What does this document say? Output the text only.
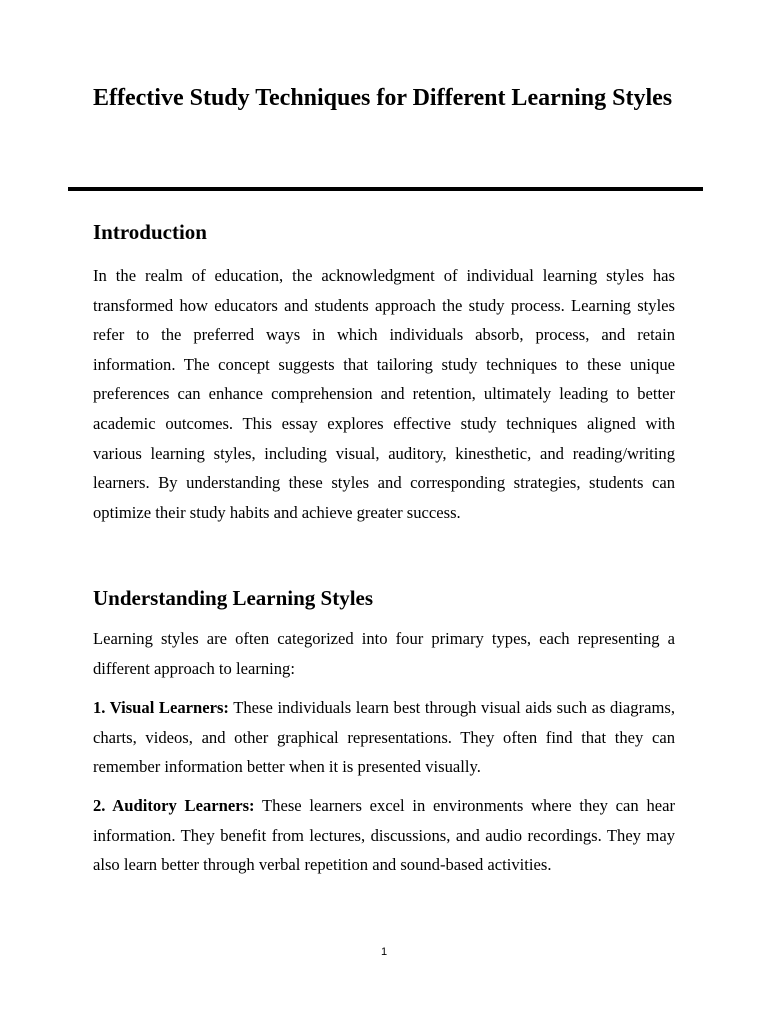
Effective Study Techniques for Different Learning Styles
Introduction

In the realm of education, the acknowledgment of individual learning styles has transformed how educators and students approach the study process. Learning styles refer to the preferred ways in which individuals absorb, process, and retain information. The concept suggests that tailoring study techniques to these unique preferences can enhance comprehension and retention, ultimately leading to better academic outcomes. This essay explores effective study techniques aligned with various learning styles, including visual, auditory, kinesthetic, and reading/writing learners. By understanding these styles and corresponding strategies, students can optimize their study habits and achieve greater success.

Understanding Learning Styles

Learning styles are often categorized into four primary types, each representing a different approach to learning:

1. Visual Learners: These individuals learn best through visual aids such as diagrams, charts, videos, and other graphical representations. They often find that they can remember information better when it is presented visually.

2. Auditory Learners: These learners excel in environments where they can hear information. They benefit from lectures, discussions, and audio recordings. They may also learn better through verbal repetition and sound-based activities.

1
